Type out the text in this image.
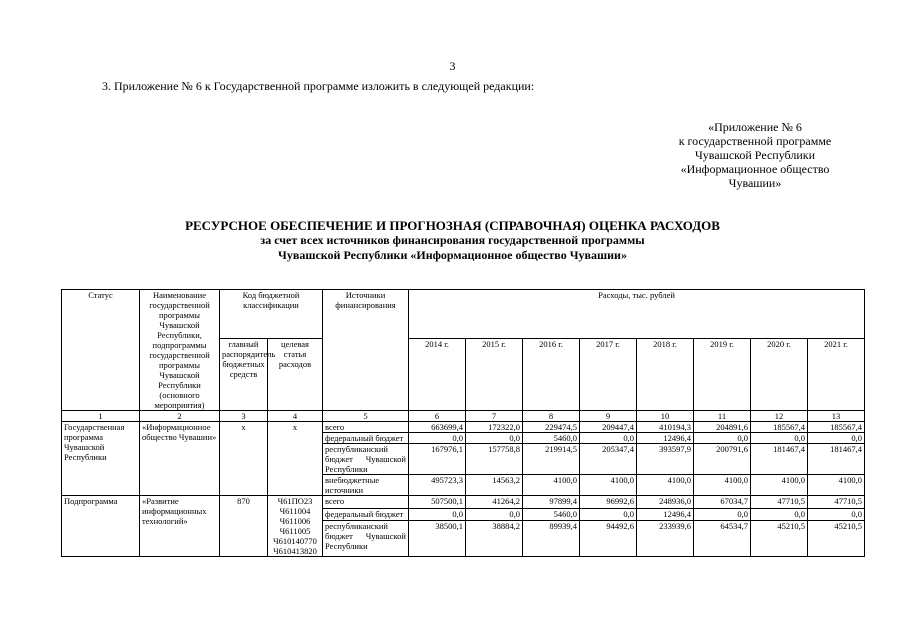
3
3. Приложение № 6 к Государственной программе изложить в следующей редакции:
«Приложение № 6
к государственной программе
Чувашской Республики
«Информационное общество
Чувашии»
РЕСУРСНОЕ ОБЕСПЕЧЕНИЕ И ПРОГНОЗНАЯ (СПРАВОЧНАЯ) ОЦЕНКА РАСХОДОВ
за счет всех источников финансирования государственной программы
Чувашской Республики «Информационное общество Чувашии»
Статус	Наименование государственной программы Чувашской Республики, подпрограммы государственной программы Чувашской Республики (основного мероприятия)	Код бюджетной классификации		Источники финансирования	Расходы, тыс. рублей							
		главный распорядитель бюджетных средств	целевая статья расходов		2014 г.	2015 г.	2016 г.	2017 г.	2018 г.	2019 г.	2020 г.	2021 г.
1	2	3	4	5	6	7	8	9	10	11	12	13
Государственная программа Чувашской Республики	«Информационное общество Чувашии»	х	х	всего	663699,4	172322,0	229474,5	209447,4	410194,3	204891,6	185567,4	185567,4
				федеральный бюджет	0,0	0,0	5460,0	0,0	12496,4	0,0	0,0	0,0
				республиканский бюджет Чувашской Республики	167976,1	157758,8	219914,5	205347,4	393597,9	200791,6	181467,4	181467,4
				внебюджетные источники	495723,3	14563,2	4100,0	4100,0	4100,0	4100,0	4100,0	4100,0
Подпрограмма	«Развитие информационных технологий»	870	Ч61ПО23 Ч611004 Ч611006 Ч611005 Ч610140770 Ч610413820	всего	507500,1	41264,2	97899,4	96992,6	248936,0	67034,7	47710,5	47710,5
				федеральный бюджет	0,0	0,0	5460,0	0,0	12496,4	0,0	0,0	0,0
				республиканский бюджет Чувашской Республики	38500,1	38884,2	89939,4	94492,6	233939,6	64534,7	45210,5	45210,5
